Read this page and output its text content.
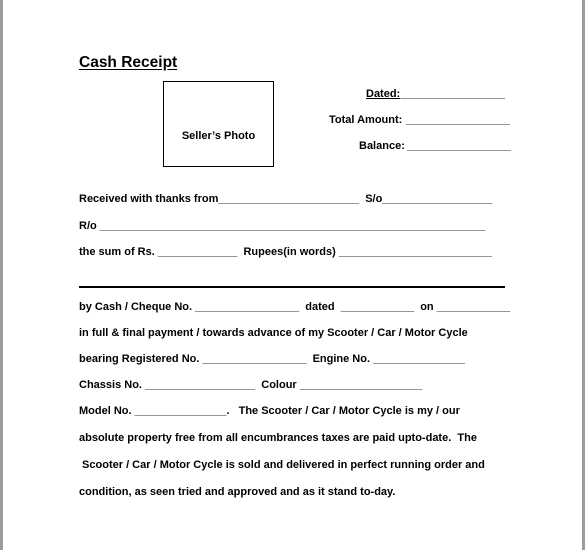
Cash Receipt
Seller’s Photo
Dated: _________________
Total Amount: _________________
Balance: _________________
Received with thanks from_______________________  S/o__________________
R/o _______________________________________________________________
the sum of Rs. _____________  Rupees(in words) _________________________
by Cash / Cheque No. _________________  dated  ____________  on ____________
in full & final payment / towards advance of my Scooter / Car / Motor Cycle
bearing Registered No. _________________  Engine No. _______________
Chassis No. __________________  Colour ____________________
Model No. _______________.   The Scooter / Car / Motor Cycle is my / our
absolute property free from all encumbrances taxes are paid upto-date.  The
Scooter / Car / Motor Cycle is sold and delivered in perfect running order and
condition, as seen tried and approved and as it stand to-day.
